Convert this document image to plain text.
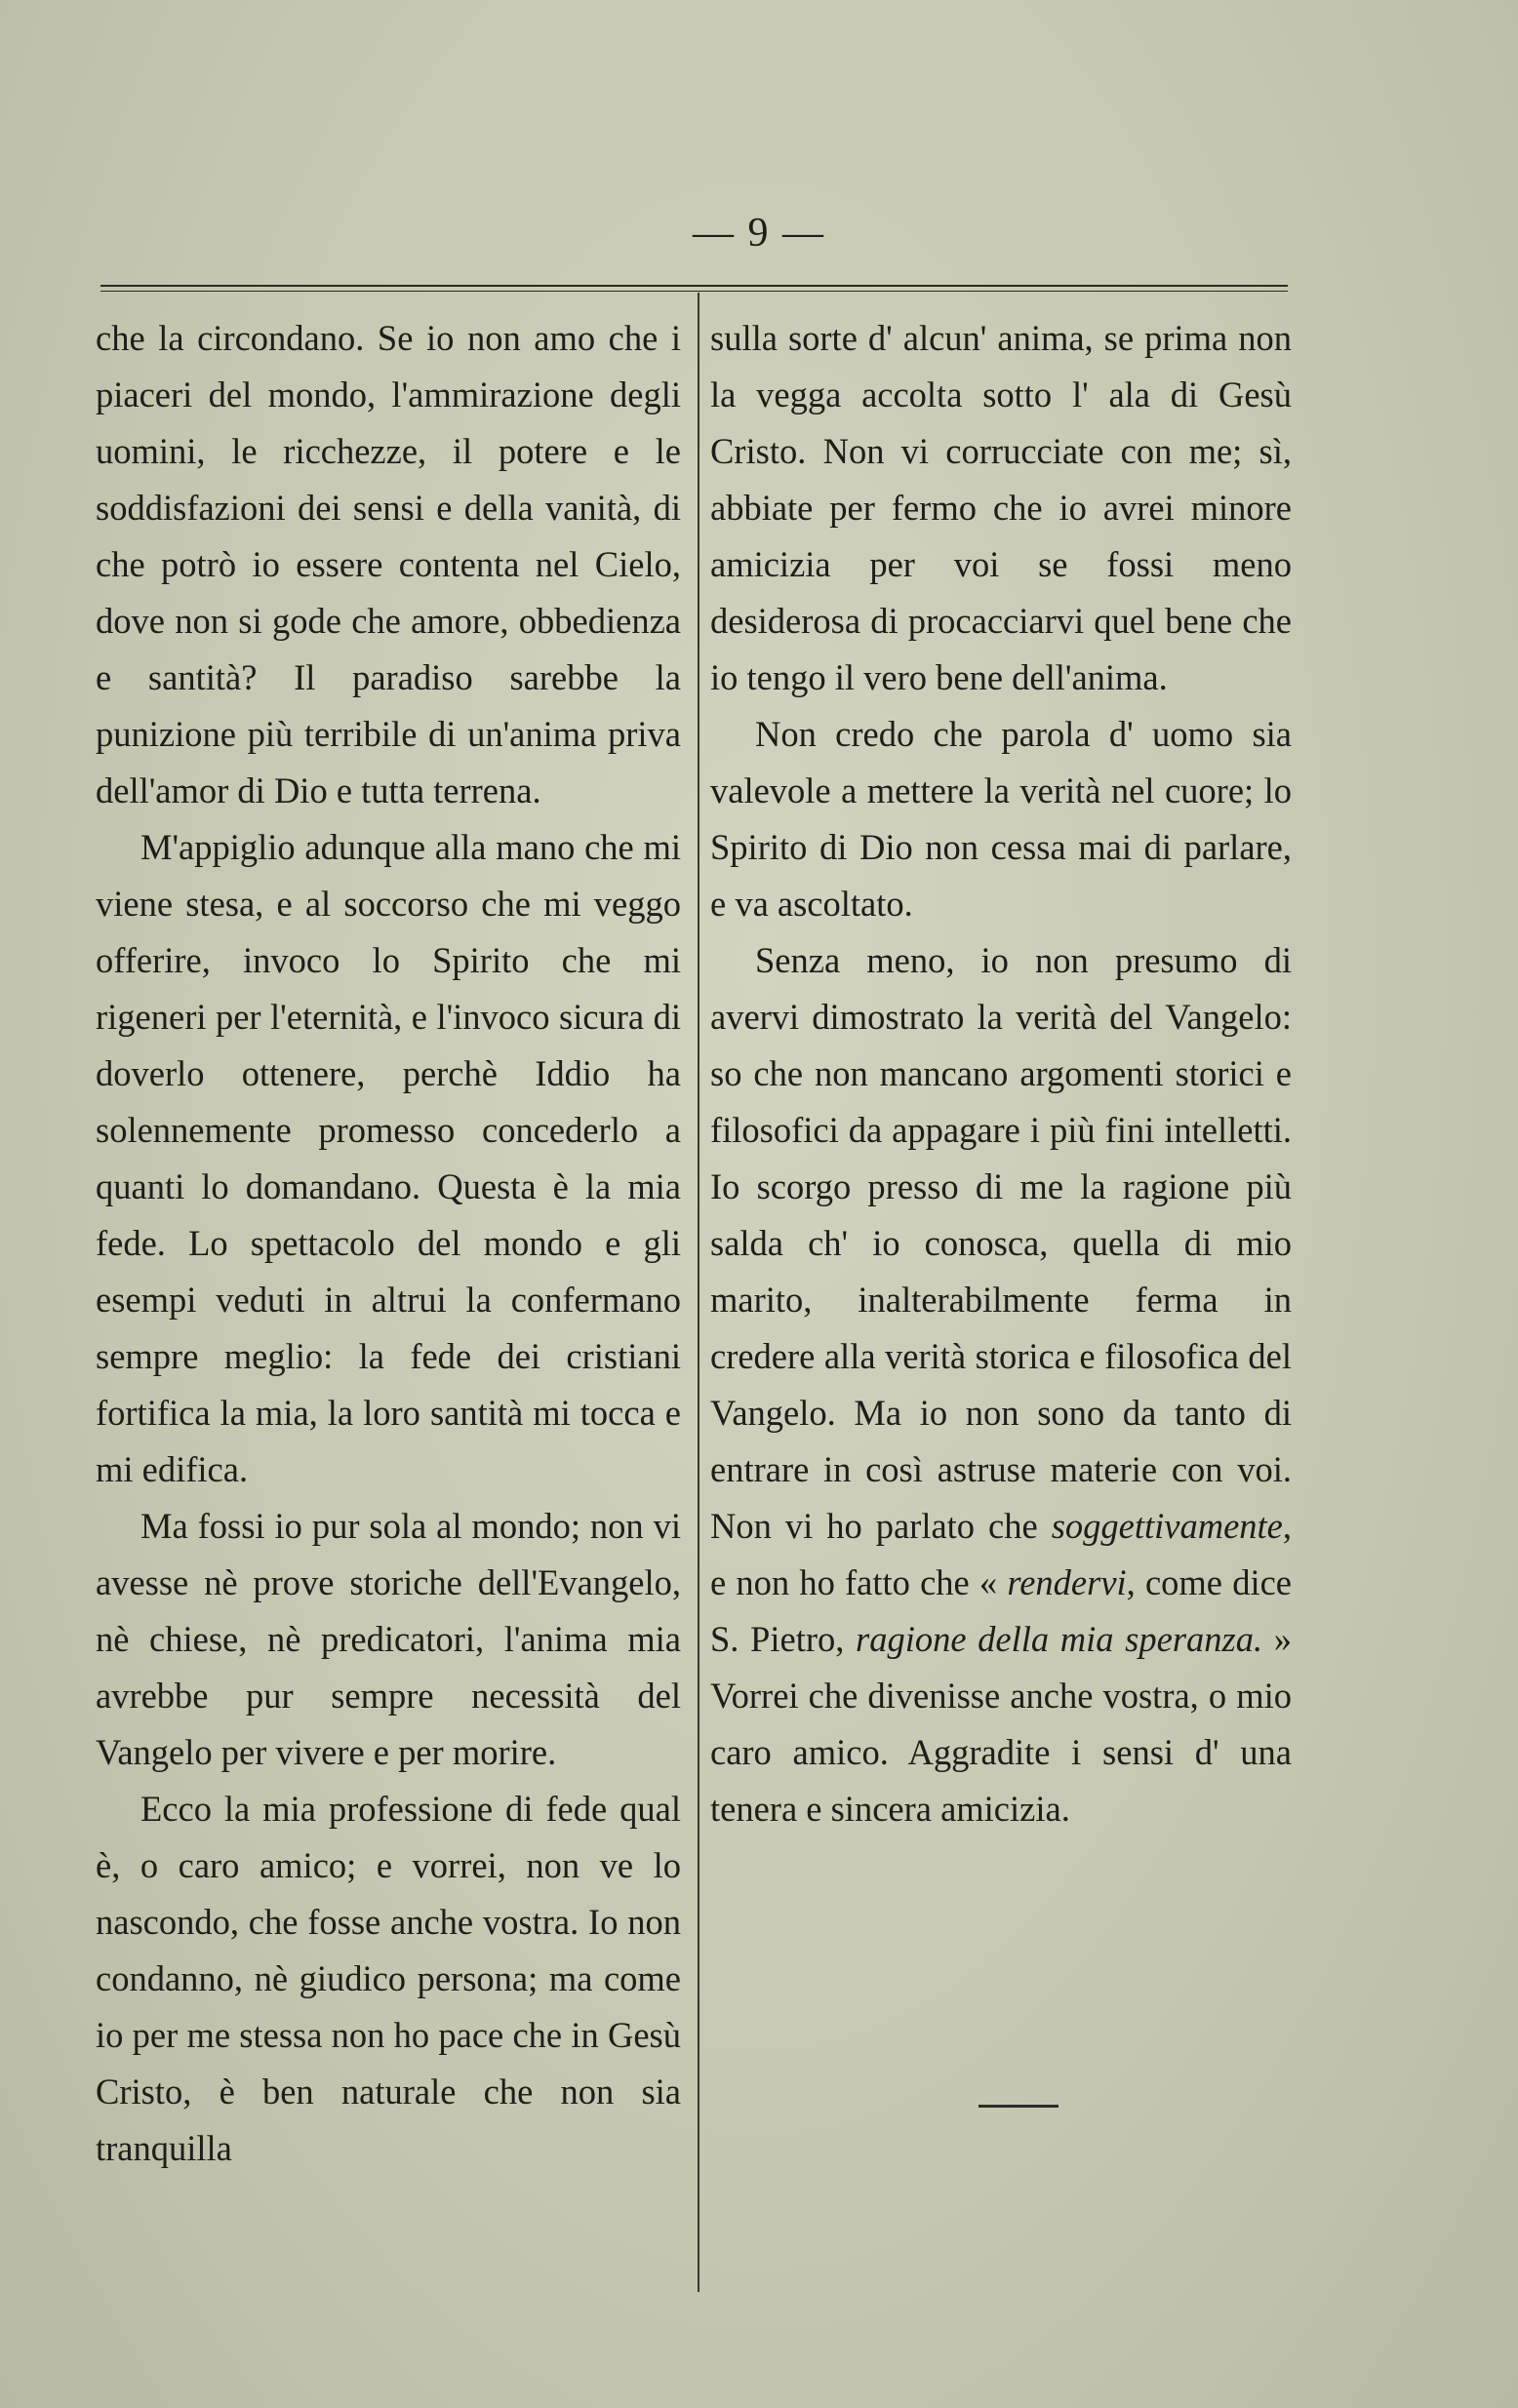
— 9 —

che la circondano. Se io non amo che i piaceri del mondo, l'ammirazione degli uomini, le ricchezze, il potere e le soddisfazioni dei sensi e della vanità, di che potrò io essere contenta nel Cielo, dove non si gode che amore, obbedienza e santità? Il paradiso sarebbe la punizione più terribile di un'anima priva dell'amor di Dio e tutta terrena.

M'appiglio adunque alla mano che mi viene stesa, e al soccorso che mi veggo offerire, invoco lo Spirito che mi rigeneri per l'eternità, e l'invoco sicura di doverlo ottenere, perchè Iddio ha solennemente promesso concederlo a quanti lo domandano. Questa è la mia fede. Lo spettacolo del mondo e gli esempi veduti in altrui la confermano sempre meglio: la fede dei cristiani fortifica la mia, la loro santità mi tocca e mi edifica.

Ma fossi io pur sola al mondo; non vi avesse nè prove storiche dell'Evangelo, nè chiese, nè predicatori, l'anima mia avrebbe pur sempre necessità del Vangelo per vivere e per morire.

Ecco la mia professione di fede qual è, o caro amico; e vorrei, non ve lo nascondo, che fosse anche vostra. Io non condanno, nè giudico persona; ma come io per me stessa non ho pace che in Gesù Cristo, è ben naturale che non sia tranquilla

sulla sorte d' alcun' anima, se prima non la vegga accolta sotto l' ala di Gesù Cristo. Non vi corrucciate con me; sì, abbiate per fermo che io avrei minore amicizia per voi se fossi meno desiderosa di procacciarvi quel bene che io tengo il vero bene dell'anima.

Non credo che parola d' uomo sia valevole a mettere la verità nel cuore; lo Spirito di Dio non cessa mai di parlare, e va ascoltato.

Senza meno, io non presumo di avervi dimostrato la verità del Vangelo: so che non mancano argomenti storici e filosofici da appagare i più fini intelletti. Io scorgo presso di me la ragione più salda ch' io conosca, quella di mio marito, inalterabilmente ferma in credere alla verità storica e filosofica del Vangelo. Ma io non sono da tanto di entrare in così astruse materie con voi. Non vi ho parlato che soggettivamente, e non ho fatto che « rendervi, come dice S. Pietro, ragione della mia speranza. » Vorrei che divenisse anche vostra, o mio caro amico. Aggradite i sensi d' una tenera e sincera amicizia.
